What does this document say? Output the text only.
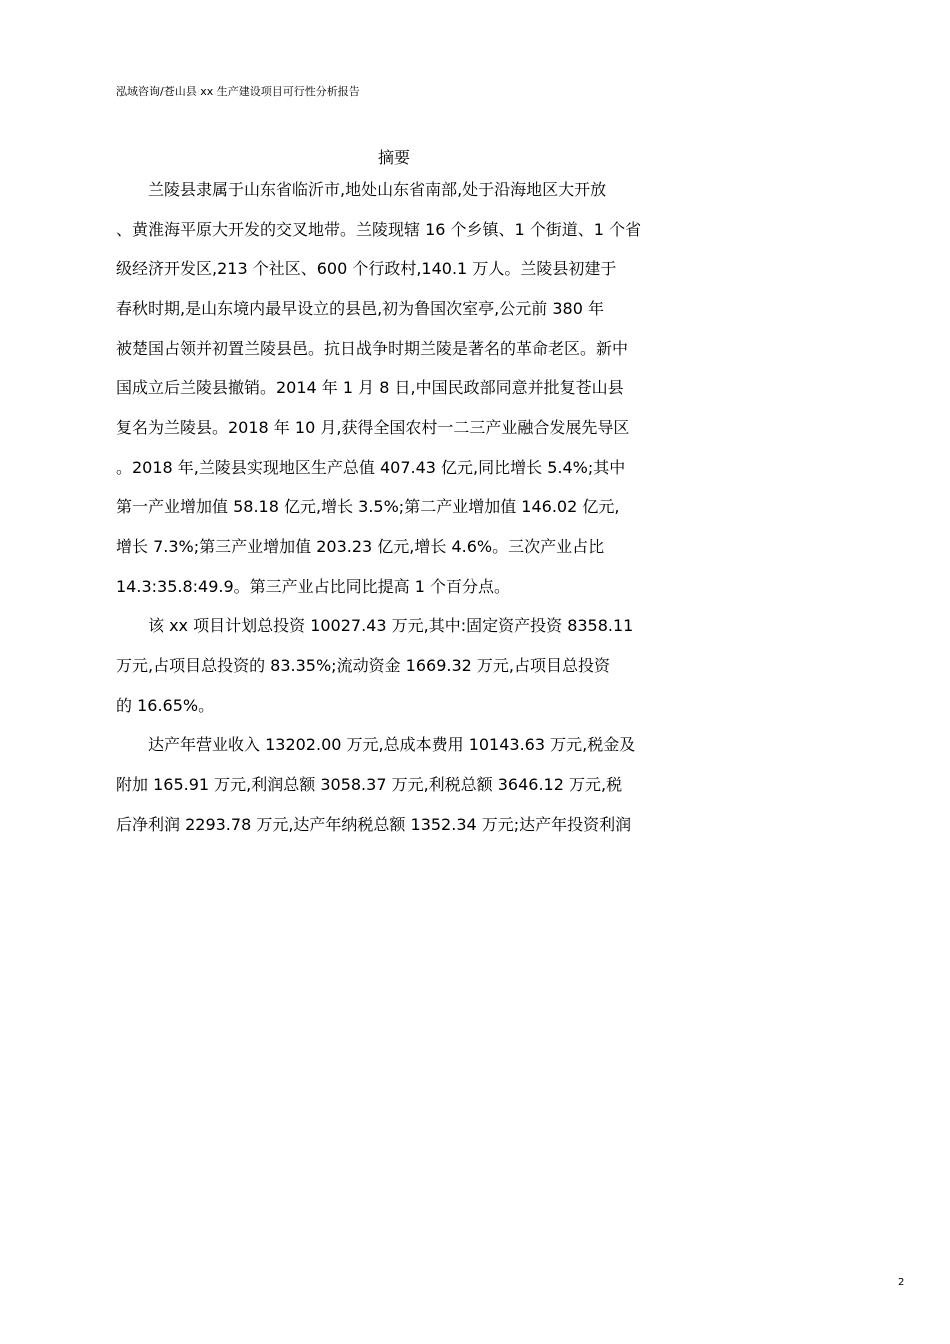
泓域咨询/苍山县 xx 生产建设项目可行性分析报告
摘要
　　兰陵县隶属于山东省临沂市,地处山东省南部,处于沿海地区大开放
、黄淮海平原大开发的交叉地带。兰陵现辖 16 个乡镇、1 个街道、1 个省
级经济开发区,213 个社区、600 个行政村,140.1 万人。兰陵县初建于
春秋时期,是山东境内最早设立的县邑,初为鲁国次室亭,公元前 380 年
被楚国占领并初置兰陵县邑。抗日战争时期兰陵是著名的革命老区。新中
国成立后兰陵县撤销。2014 年 1 月 8 日,中国民政部同意并批复苍山县
复名为兰陵县。2018 年 10 月,获得全国农村一二三产业融合发展先导区
。2018 年,兰陵县实现地区生产总值 407.43 亿元,同比增长 5.4%;其中
第一产业增加值 58.18 亿元,增长 3.5%;第二产业增加值 146.02 亿元,
增长 7.3%;第三产业增加值 203.23 亿元,增长 4.6%。三次产业占比
14.3:35.8:49.9。第三产业占比同比提高 1 个百分点。
　　该 xx 项目计划总投资 10027.43 万元,其中:固定资产投资 8358.11
万元,占项目总投资的 83.35%;流动资金 1669.32 万元,占项目总投资
的 16.65%。
　　达产年营业收入 13202.00 万元,总成本费用 10143.63 万元,税金及
附加 165.91 万元,利润总额 3058.37 万元,利税总额 3646.12 万元,税
后净利润 2293.78 万元,达产年纳税总额 1352.34 万元;达产年投资利润
2
